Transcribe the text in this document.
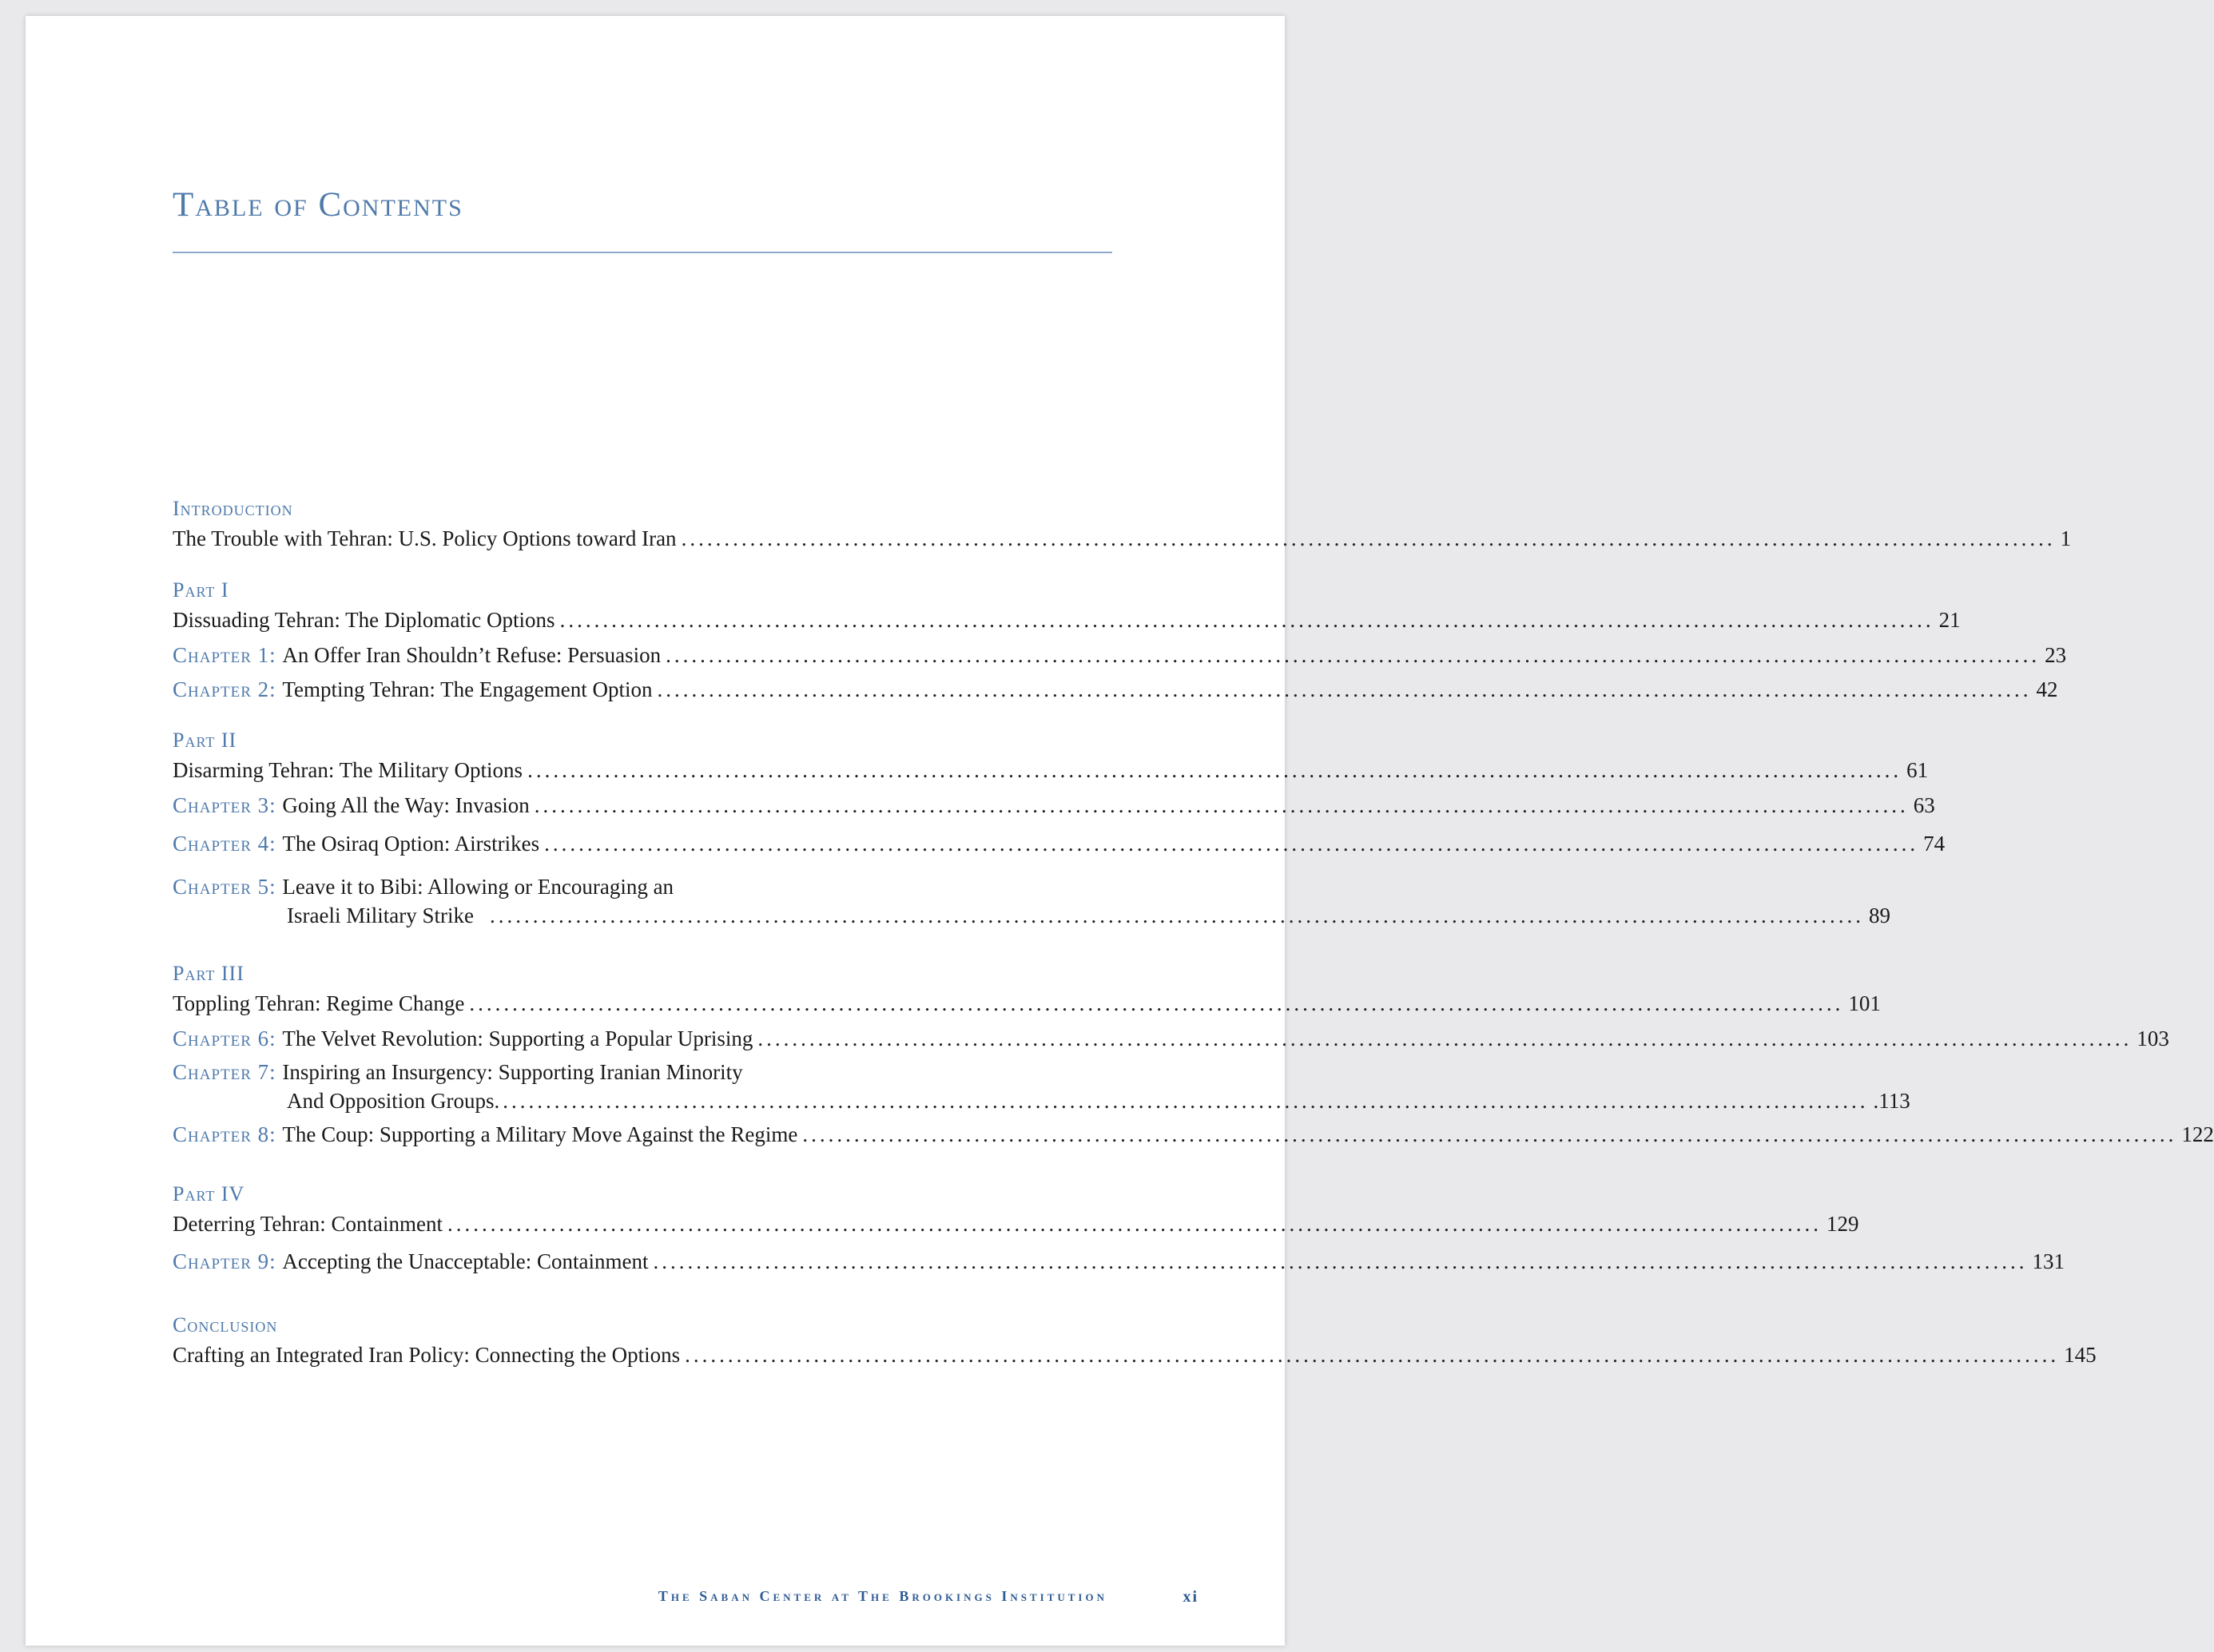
Table of Contents
Introduction
The Trouble with Tehran: U.S. Policy Options toward Iran ................................................................................................................................................................ 1
Part I
Dissuading Tehran: The Diplomatic Options ................................................................................................................................................................ 21
Chapter 1: An Offer Iran Shouldn’t Refuse: Persuasion ................................................................................................................................................................ 23
Chapter 2: Tempting Tehran: The Engagement Option ................................................................................................................................................................ 42
Part II
Disarming Tehran: The Military Options ................................................................................................................................................................ 61
Chapter 3: Going All the Way: Invasion ................................................................................................................................................................ 63
Chapter 4: The Osiraq Option: Airstrikes ................................................................................................................................................................ 74
Chapter 5: Leave it to Bibi: Allowing or Encouraging an
Israeli Military Strike ................................................................................................................................................................ 89
Part III
Toppling Tehran: Regime Change ................................................................................................................................................................ 101
Chapter 6: The Velvet Revolution: Supporting a Popular Uprising ................................................................................................................................................................ 103
Chapter 7: Inspiring an Insurgency: Supporting Iranian Minority
And Opposition Groups ................................................................................................................................................................ .113
Chapter 8: The Coup: Supporting a Military Move Against the Regime ................................................................................................................................................................ 122
Part IV
Deterring Tehran: Containment ................................................................................................................................................................ 129
Chapter 9: Accepting the Unacceptable: Containment ................................................................................................................................................................ 131
Conclusion
Crafting an Integrated Iran Policy: Connecting the Options ................................................................................................................................................................ 145
The Saban Center at The Brookings Institution	xi
